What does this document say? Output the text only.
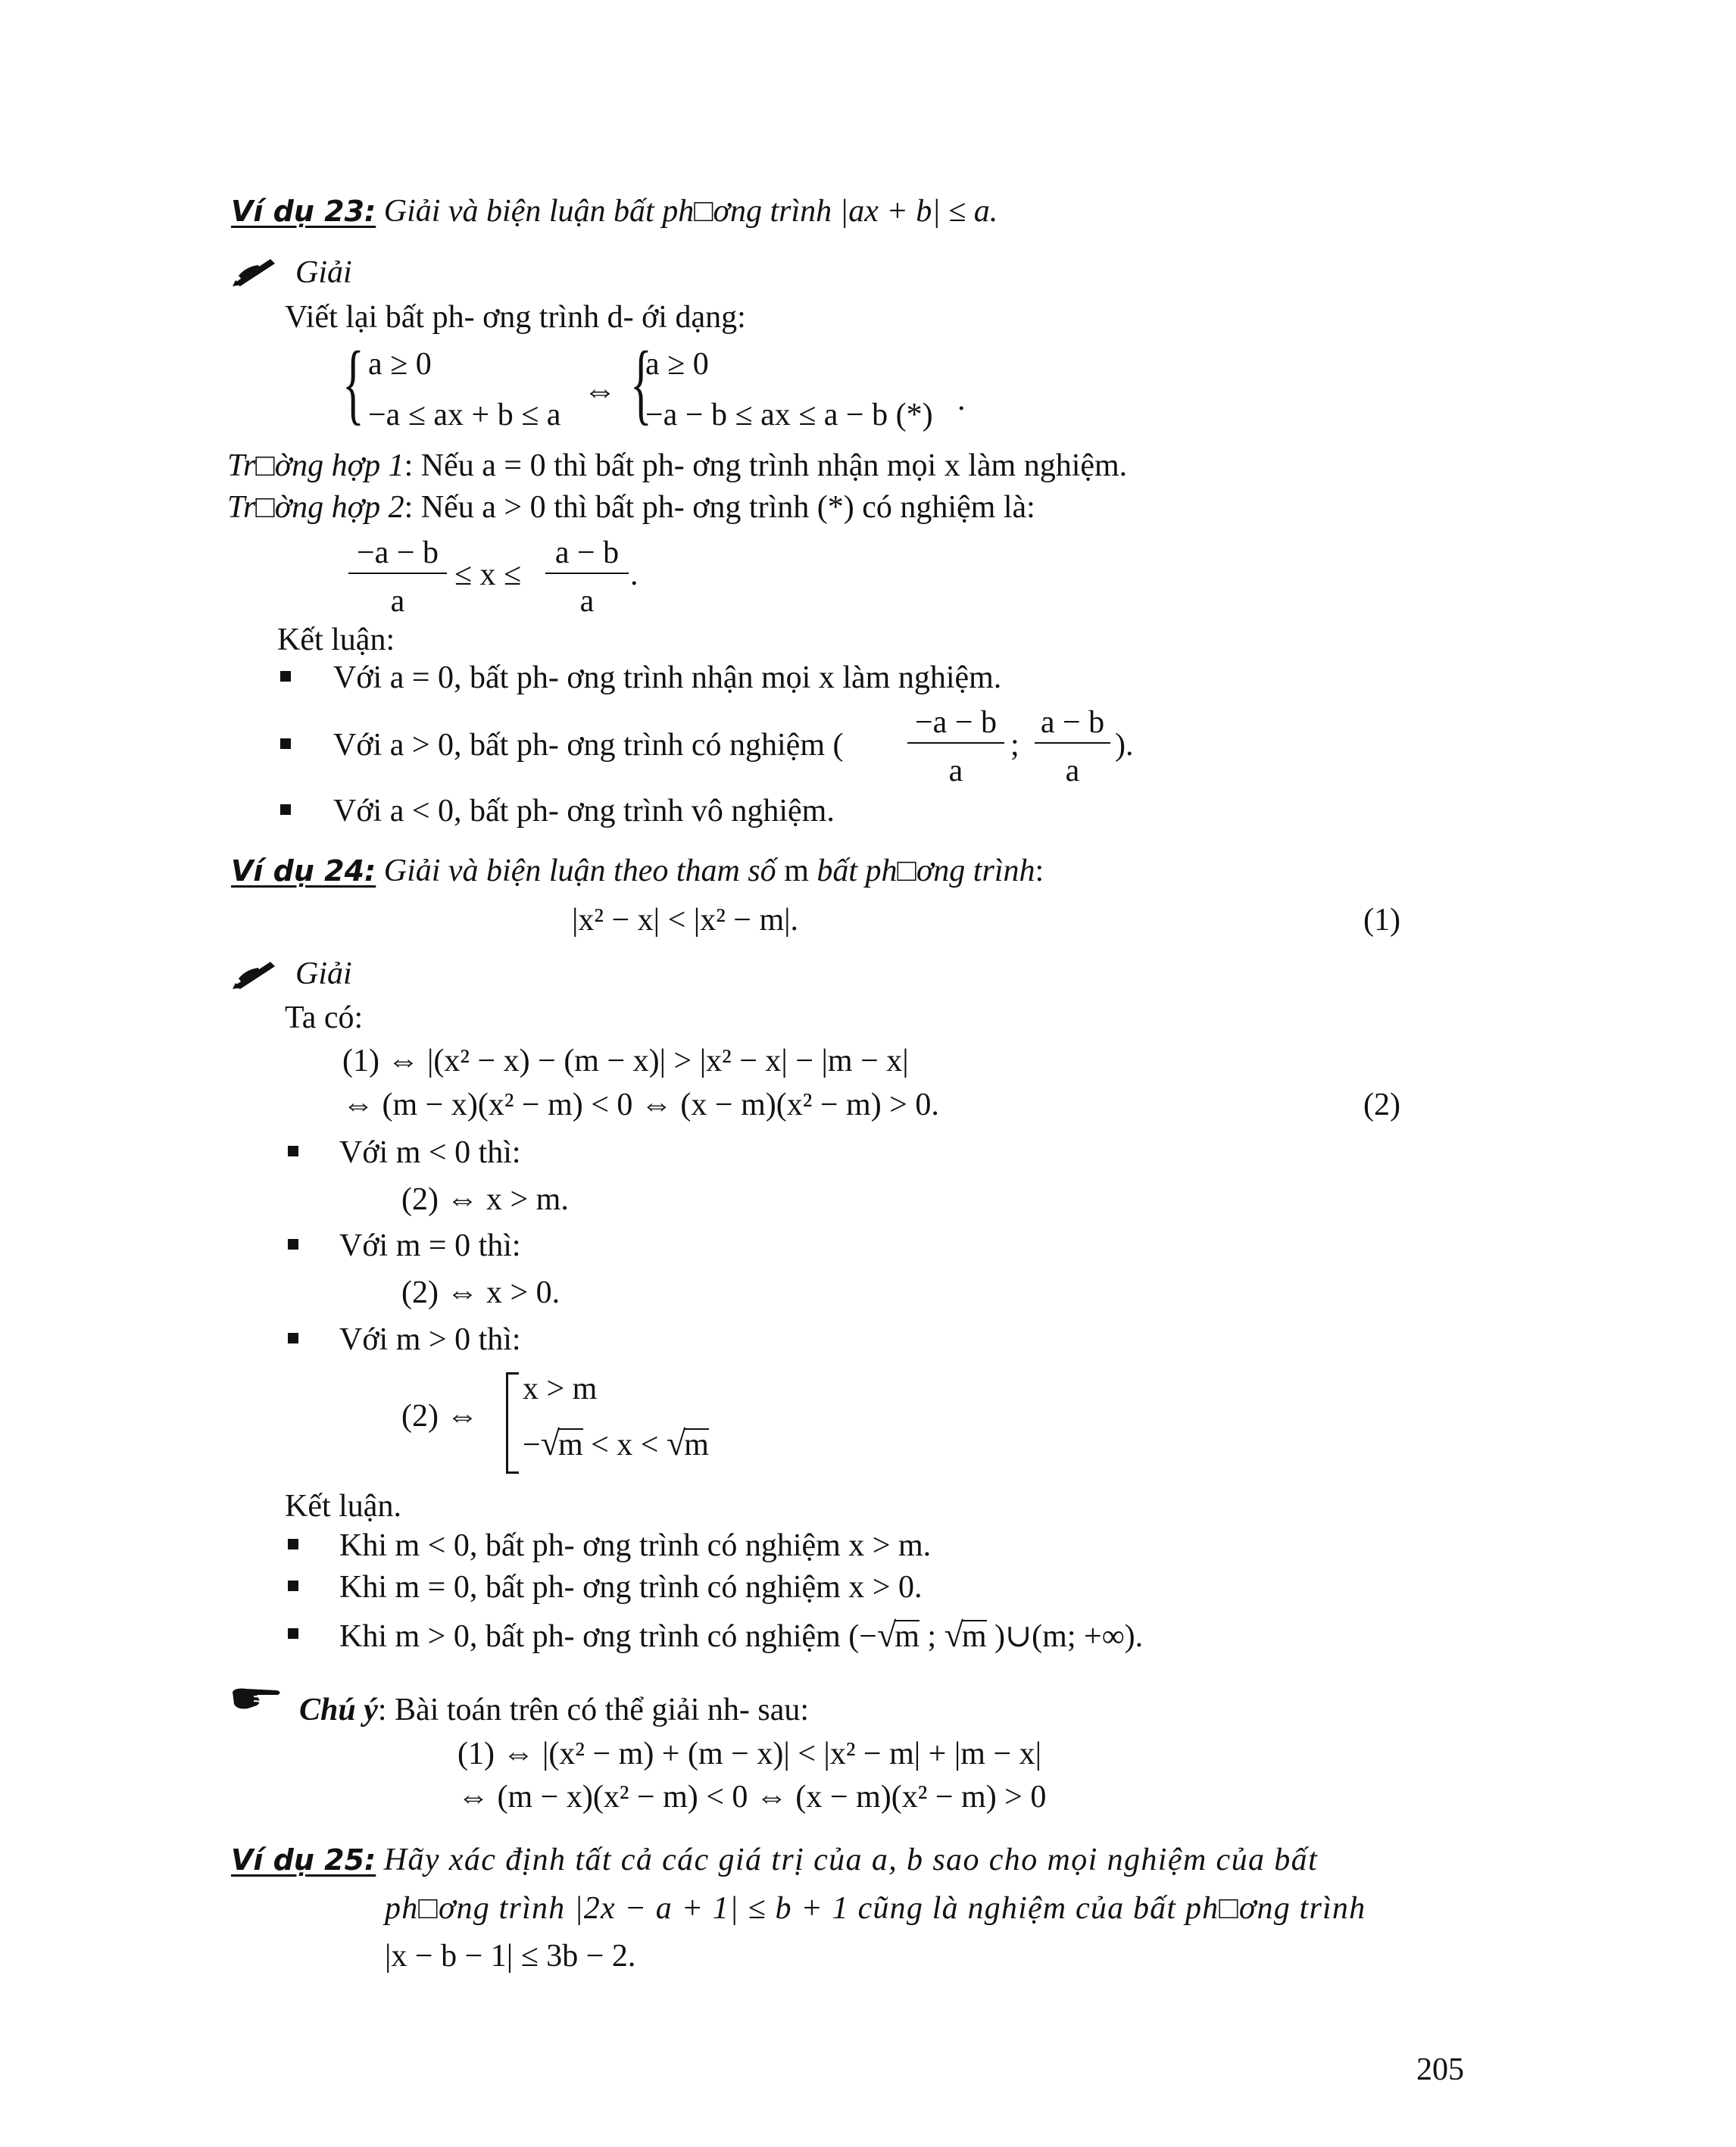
Ví dụ 23: Giải và biện luận bất ph□ơng trình |ax + b| ≤ a.
Giải
Viết lại bất ph- ơng trình d- ới dạng:
{ a ≥ 0
−a ≤ ax + b ≤ a
⇔ {
a ≥ 0
−a − b ≤ ax ≤ a − b (*) .
Tr□ờng hợp 1: Nếu a = 0 thì bất ph- ơng trình nhận mọi x làm nghiệm.
Tr□ờng hợp 2: Nếu a > 0 thì bất ph- ơng trình (*) có nghiệm là:
$\frac{-a - b}{a} \le x \le \frac{a - b}{a}$ .
Kết luận:
Với a = 0, bất ph- ơng trình nhận mọi x làm nghiệm.
Với a > 0, bất ph- ơng trình có nghiệm ( $\frac{-a - b}{a}$ ; $\frac{a - b}{a}$ ).
Với a < 0, bất ph- ơng trình vô nghiệm.
Ví dụ 24: Giải và biện luận theo tham số m bất ph□ơng trình:
|x² − x| < |x² − m|.	(1)
Giải
Ta có:
(1) ⇔ |(x² − x) − (m − x)| > |x² − x| − |m − x|
⇔ (m − x)(x² − m) < 0 ⇔ (x − m)(x² − m) > 0.	(2)
Với m < 0 thì:
(2) ⇔ x > m.
Với m = 0 thì:
(2) ⇔ x > 0.
Với m > 0 thì:
(2) ⇔
x > m
−√m < x < √m
Kết luận.
Khi m < 0, bất ph- ơng trình có nghiệm x > m.
Khi m = 0, bất ph- ơng trình có nghiệm x > 0.
Khi m > 0, bất ph- ơng trình có nghiệm (−√m ; √m )∪(m; +∞).
Chú ý: Bài toán trên có thể giải nh- sau:
(1) ⇔ |(x² − m) + (m − x)| < |x² − m| + |m − x|
⇔ (m − x)(x² − m) < 0 ⇔ (x − m)(x² − m) > 0
Ví dụ 25: Hãy xác định tất cả các giá trị của a, b sao cho mọi nghiệm của bất
ph□ơng trình |2x − a + 1| ≤ b + 1 cũng là nghiệm của bất ph□ơng trình
|x − b − 1| ≤ 3b − 2.
205
